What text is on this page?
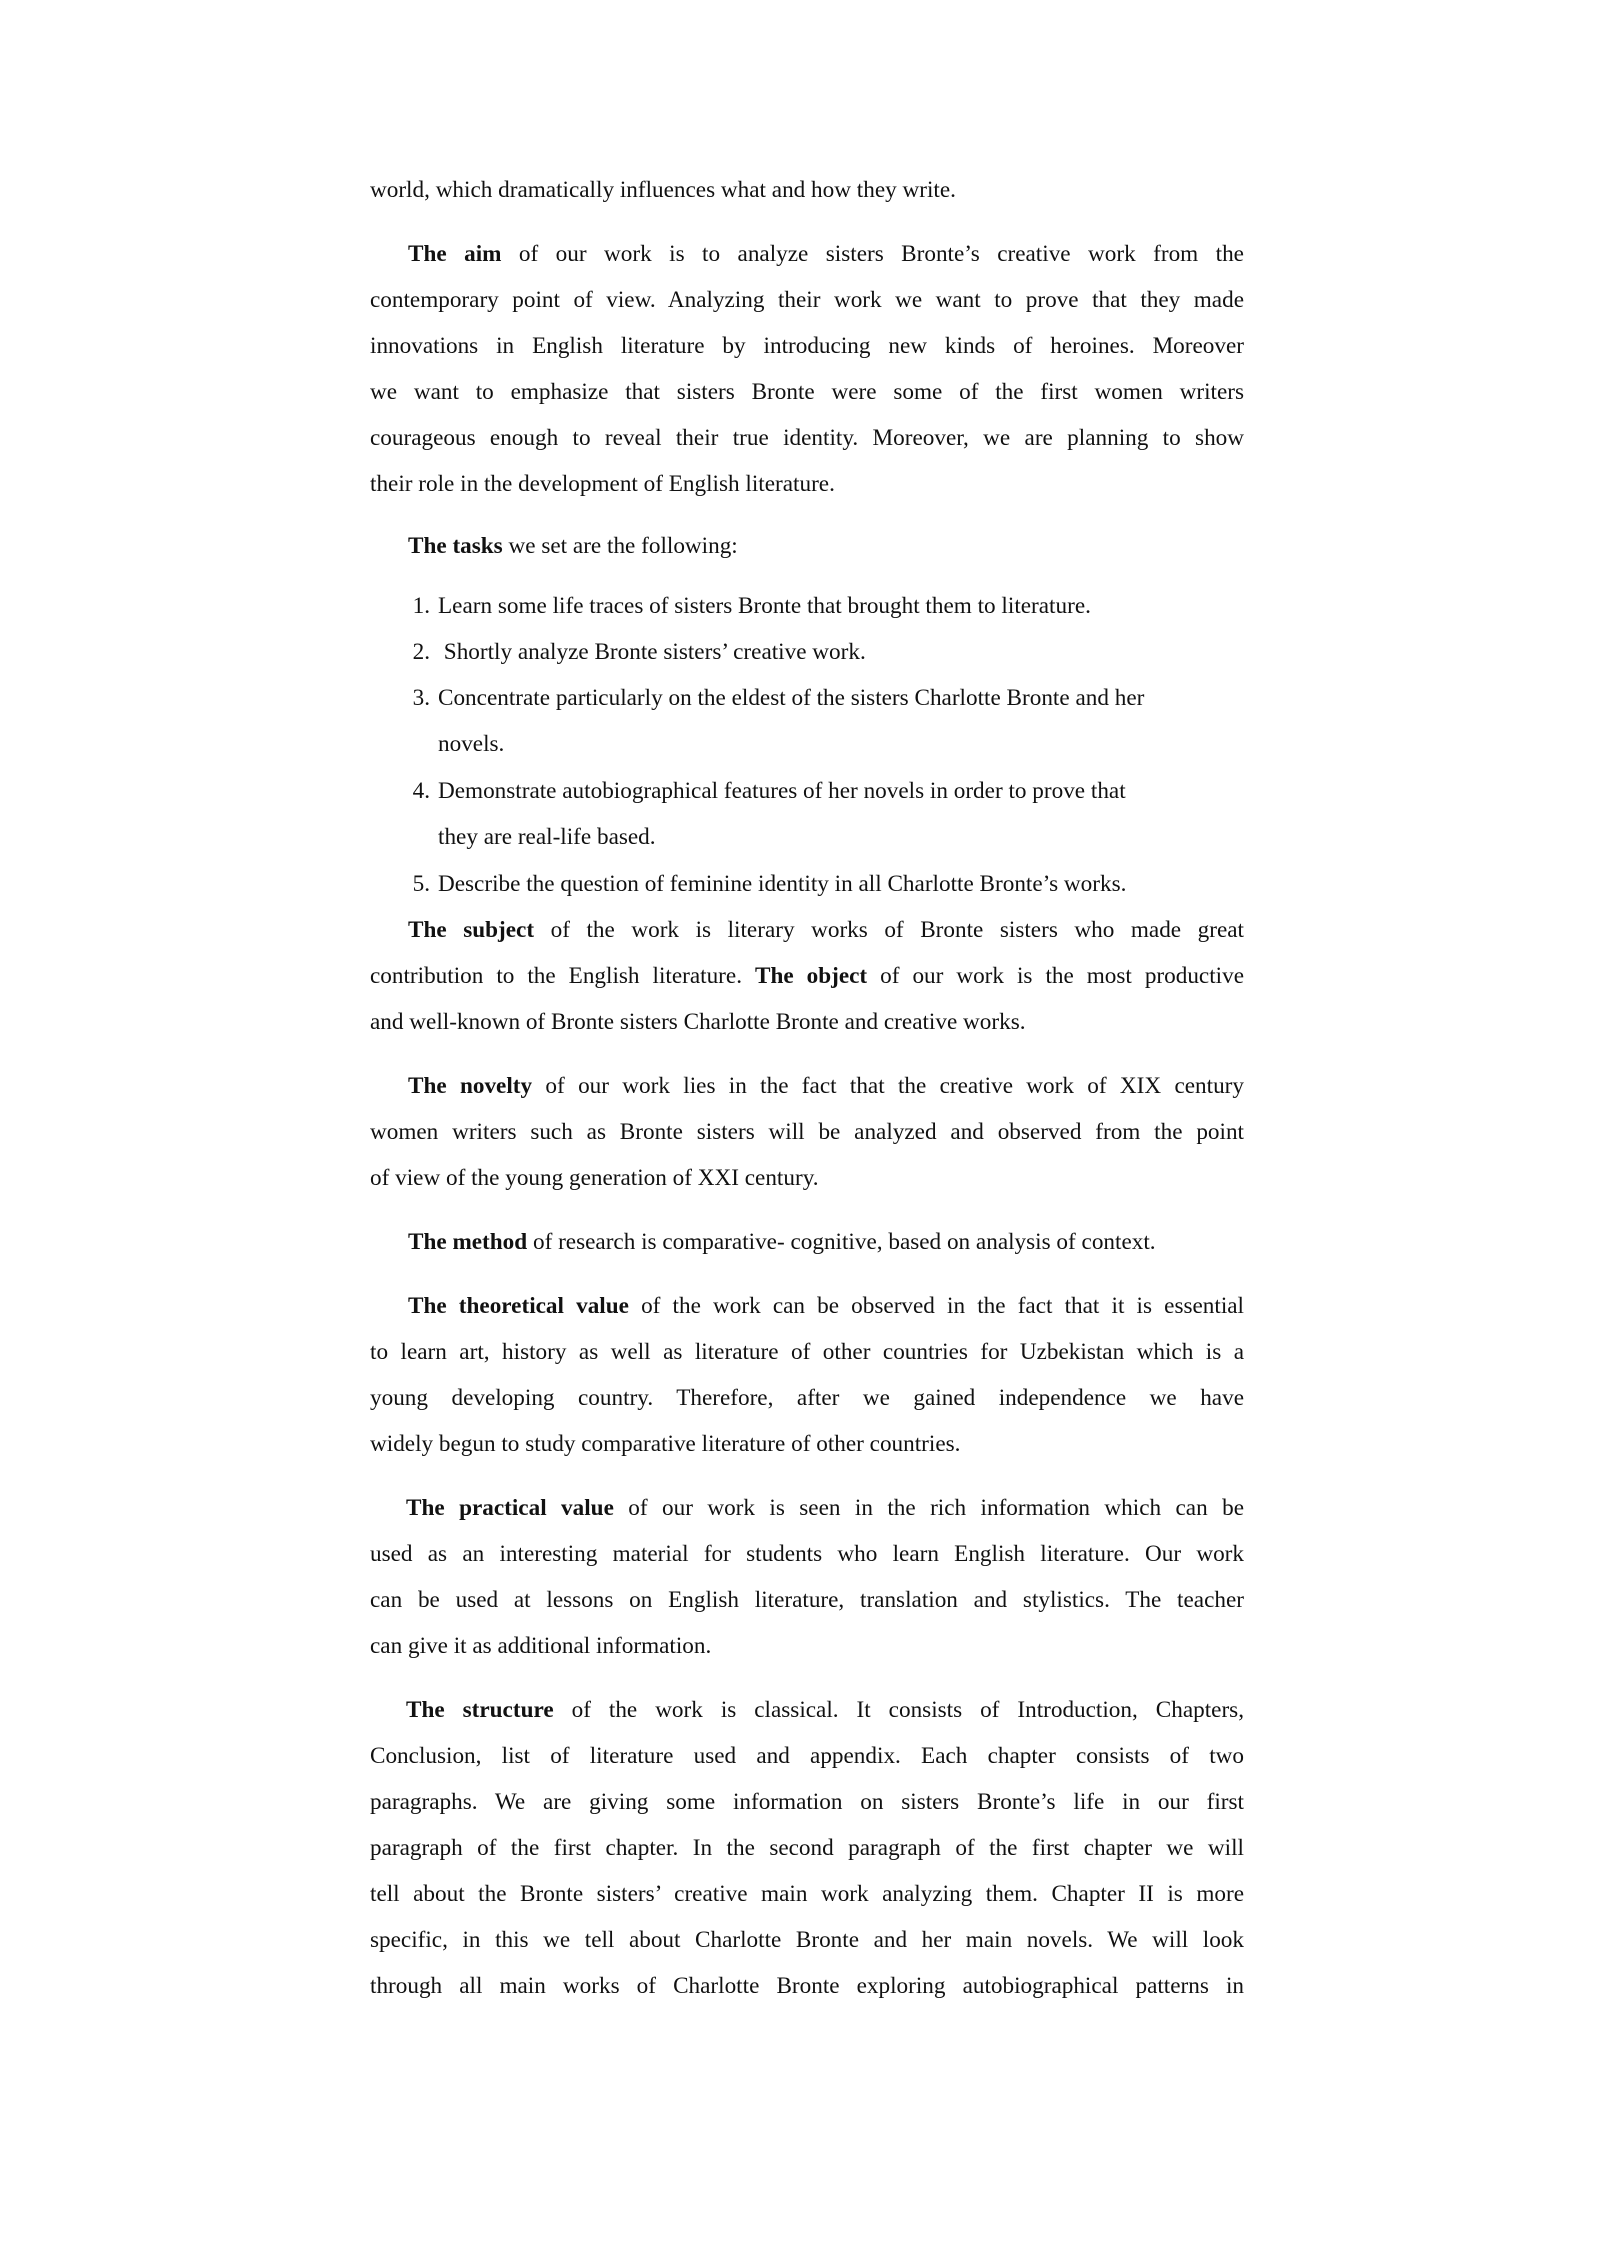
world, which dramatically influences what and how they write.
The aim of our work is to analyze sisters Bronte’s creative work from the
contemporary point of view. Analyzing their work we want to prove that they made
innovations in English literature by introducing new kinds of heroines. Moreover
we want to emphasize that sisters Bronte were some of the first women writers
courageous enough to reveal their true identity. Moreover, we are planning to show
their role in the development of English literature.
The tasks we set are the following:
1. Learn some life traces of sisters Bronte that brought them to literature.
2. Shortly analyze Bronte sisters’ creative work.
3. Concentrate particularly on the eldest of the sisters Charlotte Bronte and her
novels.
4. Demonstrate autobiographical features of her novels in order to prove that
they are real-life based.
5. Describe the question of feminine identity in all Charlotte Bronte’s works.
The subject of the work is literary works of Bronte sisters who made great
contribution to the English literature. The object of our work is the most productive
and well-known of Bronte sisters Charlotte Bronte and creative works.
The novelty of our work lies in the fact that the creative work of XIX century
women writers such as Bronte sisters will be analyzed and observed from the point
of view of the young generation of XXI century.
The method of research is comparative- cognitive, based on analysis of context.
The theoretical value of the work can be observed in the fact that it is essential
to learn art, history as well as literature of other countries for Uzbekistan which is a
young developing country. Therefore, after we gained independence we have
widely begun to study comparative literature of other countries.
The practical value of our work is seen in the rich information which can be
used as an interesting material for students who learn English literature. Our work
can be used at lessons on English literature, translation and stylistics. The teacher
can give it as additional information.
The structure of the work is classical. It consists of Introduction, Chapters,
Conclusion, list of literature used and appendix. Each chapter consists of two
paragraphs. We are giving some information on sisters Bronte’s life in our first
paragraph of the first chapter. In the second paragraph of the first chapter we will
tell about the Bronte sisters’ creative main work analyzing them. Chapter II is more
specific, in this we tell about Charlotte Bronte and her main novels. We will look
through all main works of Charlotte Bronte exploring autobiographical patterns in
